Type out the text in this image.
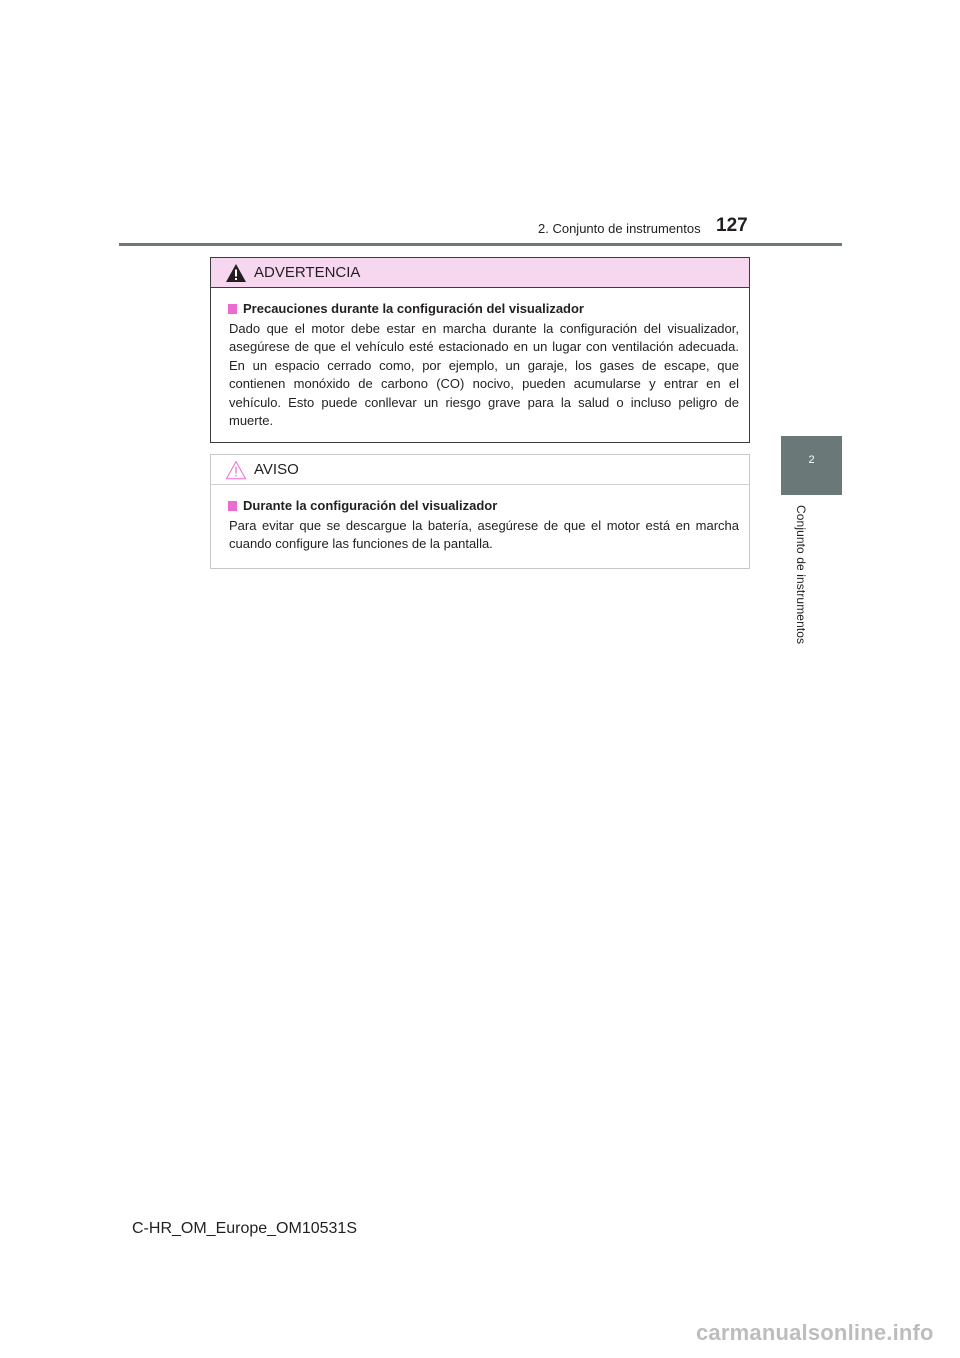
2. Conjunto de instrumentos 127
2
Conjunto de instrumentos
ADVERTENCIA
Precauciones durante la configuración del visualizador
Dado que el motor debe estar en marcha durante la configuración del visualizador, asegúrese de que el vehículo esté estacionado en un lugar con ventilación adecuada. En un espacio cerrado como, por ejemplo, un garaje, los gases de escape, que contienen monóxido de carbono (CO) nocivo, pueden acumularse y entrar en el vehículo. Esto puede conllevar un riesgo grave para la salud o incluso peligro de muerte.
AVISO
Durante la configuración del visualizador
Para evitar que se descargue la batería, asegúrese de que el motor está en marcha cuando configure las funciones de la pantalla.
C-HR_OM_Europe_OM10531S
carmanualsonline.info
